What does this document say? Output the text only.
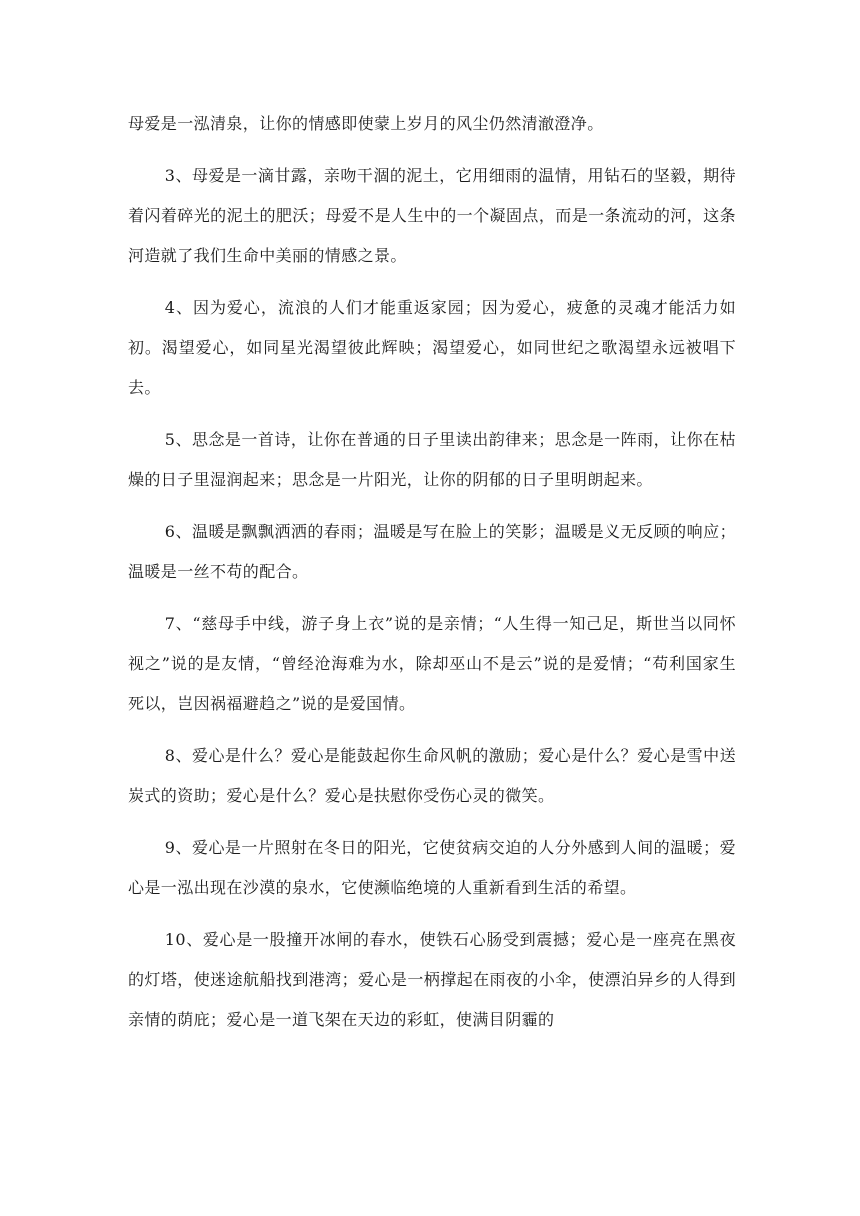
母爱是一泓清泉，让你的情感即使蒙上岁月的风尘仍然清澈澄净。

3、母爱是一滴甘露，亲吻干涸的泥土，它用细雨的温情，用钻石的坚毅，期待着闪着碎光的泥土的肥沃；母爱不是人生中的一个凝固点，而是一条流动的河，这条河造就了我们生命中美丽的情感之景。

4、因为爱心，流浪的人们才能重返家园；因为爱心，疲惫的灵魂才能活力如初。渴望爱心，如同星光渴望彼此辉映；渴望爱心，如同世纪之歌渴望永远被唱下去。

5、思念是一首诗，让你在普通的日子里读出韵律来；思念是一阵雨，让你在枯燥的日子里湿润起来；思念是一片阳光，让你的阴郁的日子里明朗起来。

6、温暖是飘飘洒洒的春雨；温暖是写在脸上的笑影；温暖是义无反顾的响应；温暖是一丝不苟的配合。

7、“慈母手中线，游子身上衣”说的是亲情；“人生得一知己足，斯世当以同怀视之”说的是友情，“曾经沧海难为水，除却巫山不是云”说的是爱情；“苟利国家生死以，岂因祸福避趋之”说的是爱国情。

8、爱心是什么？爱心是能鼓起你生命风帆的激励；爱心是什么？爱心是雪中送炭式的资助；爱心是什么？爱心是扶慰你受伤心灵的微笑。

9、爱心是一片照射在冬日的阳光，它使贫病交迫的人分外感到人间的温暖；爱心是一泓出现在沙漠的泉水，它使濒临绝境的人重新看到生活的希望。

10、爱心是一股撞开冰闸的春水，使铁石心肠受到震撼；爱心是一座亮在黑夜的灯塔，使迷途航船找到港湾；爱心是一柄撑起在雨夜的小伞，使漂泊异乡的人得到亲情的荫庇；爱心是一道飞架在天边的彩虹，使满目阴霾的
